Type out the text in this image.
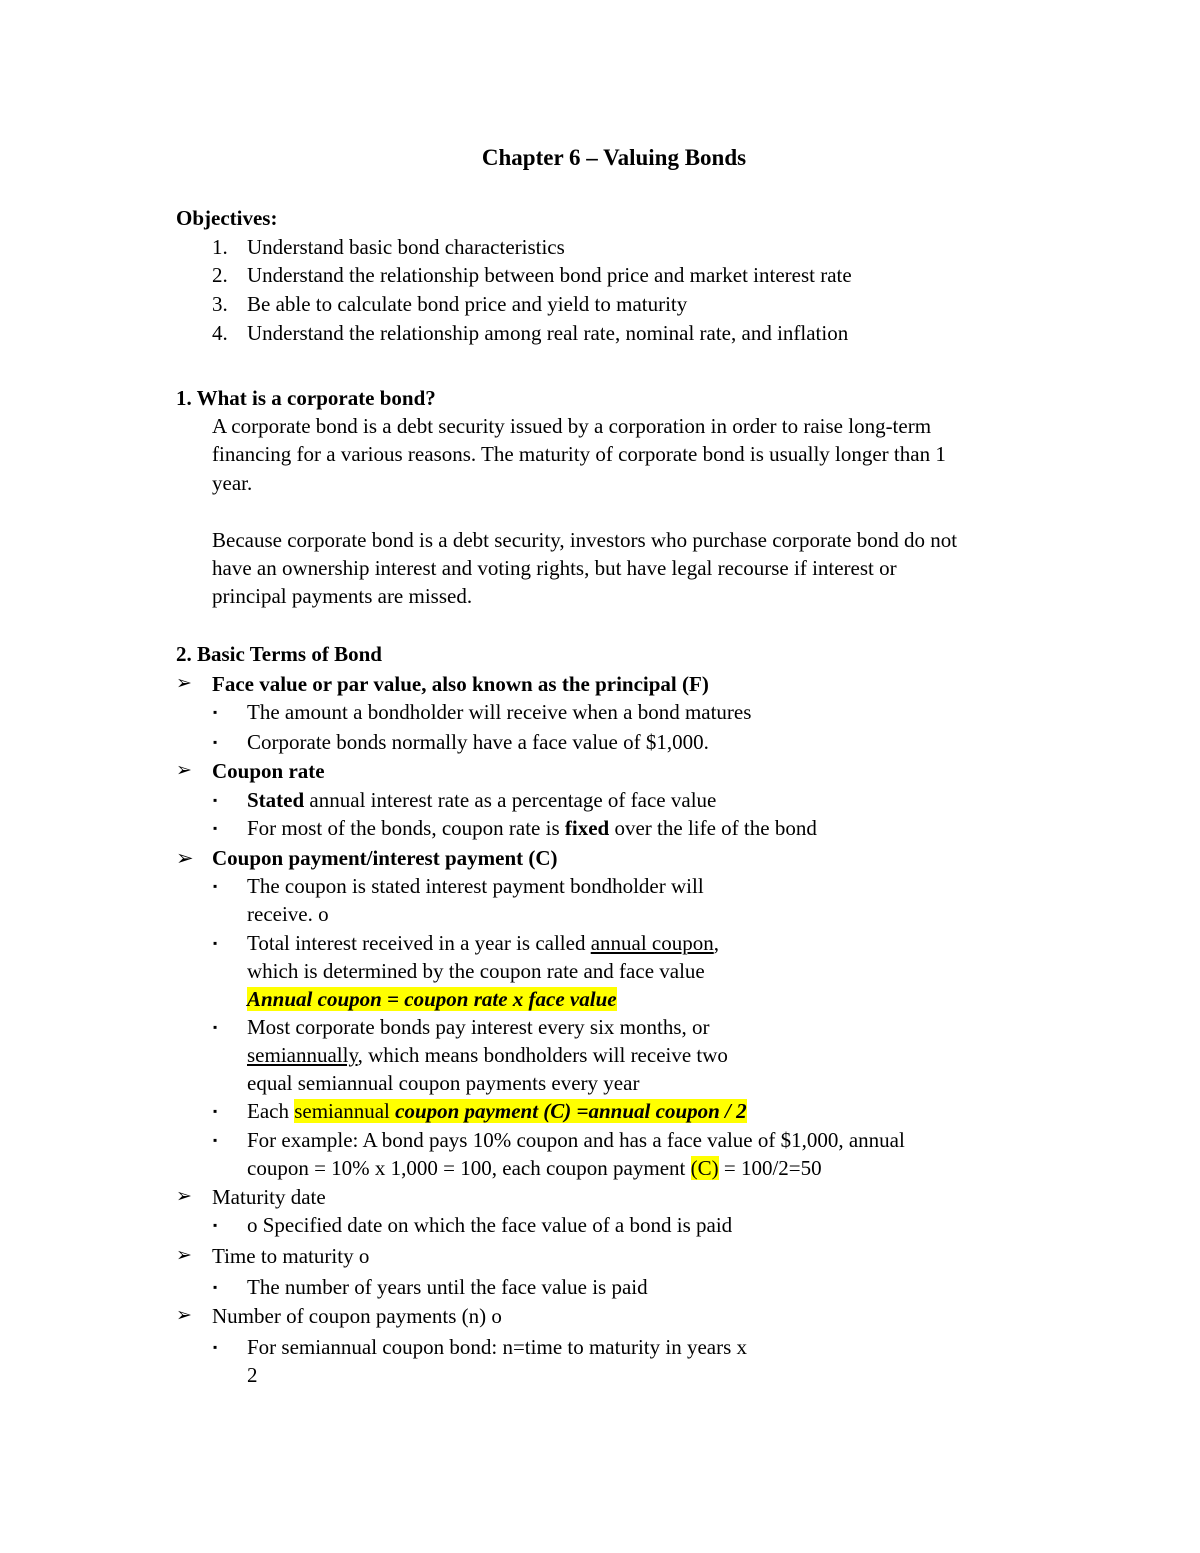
Chapter 6 – Valuing Bonds
Objectives:
1. Understand basic bond characteristics
2. Understand the relationship between bond price and market interest rate
3. Be able to calculate bond price and yield to maturity
4. Understand the relationship among real rate, nominal rate, and inflation
1. What is a corporate bond?
A corporate bond is a debt security issued by a corporation in order to raise long-term
financing for a various reasons. The maturity of corporate bond is usually longer than 1
year.
Because corporate bond is a debt security, investors who purchase corporate bond do not
have an ownership interest and voting rights, but have legal recourse if interest or
principal payments are missed.
2. Basic Terms of Bond
➢ Face value or par value, also known as the principal (F)
▪ The amount a bondholder will receive when a bond matures
▪ Corporate bonds normally have a face value of $1,000.
➢ Coupon rate
▪ Stated annual interest rate as a percentage of face value
▪ For most of the bonds, coupon rate is fixed over the life of the bond
➢ Coupon payment/interest payment (C)
▪ The coupon is stated interest payment bondholder will
receive. o
▪ Total interest received in a year is called annual coupon,
which is determined by the coupon rate and face value
Annual coupon = coupon rate x face value
▪ Most corporate bonds pay interest every six months, or
semiannually, which means bondholders will receive two
equal semiannual coupon payments every year
▪ Each semiannual coupon payment (C) =annual coupon / 2
▪ For example: A bond pays 10% coupon and has a face value of $1,000, annual
coupon = 10% x 1,000 = 100, each coupon payment (C) = 100/2=50
➢ Maturity date
▪ o Specified date on which the face value of a bond is paid
➢ Time to maturity o
▪ The number of years until the face value is paid
➢ Number of coupon payments (n) o
▪ For semiannual coupon bond: n=time to maturity in years x
2
